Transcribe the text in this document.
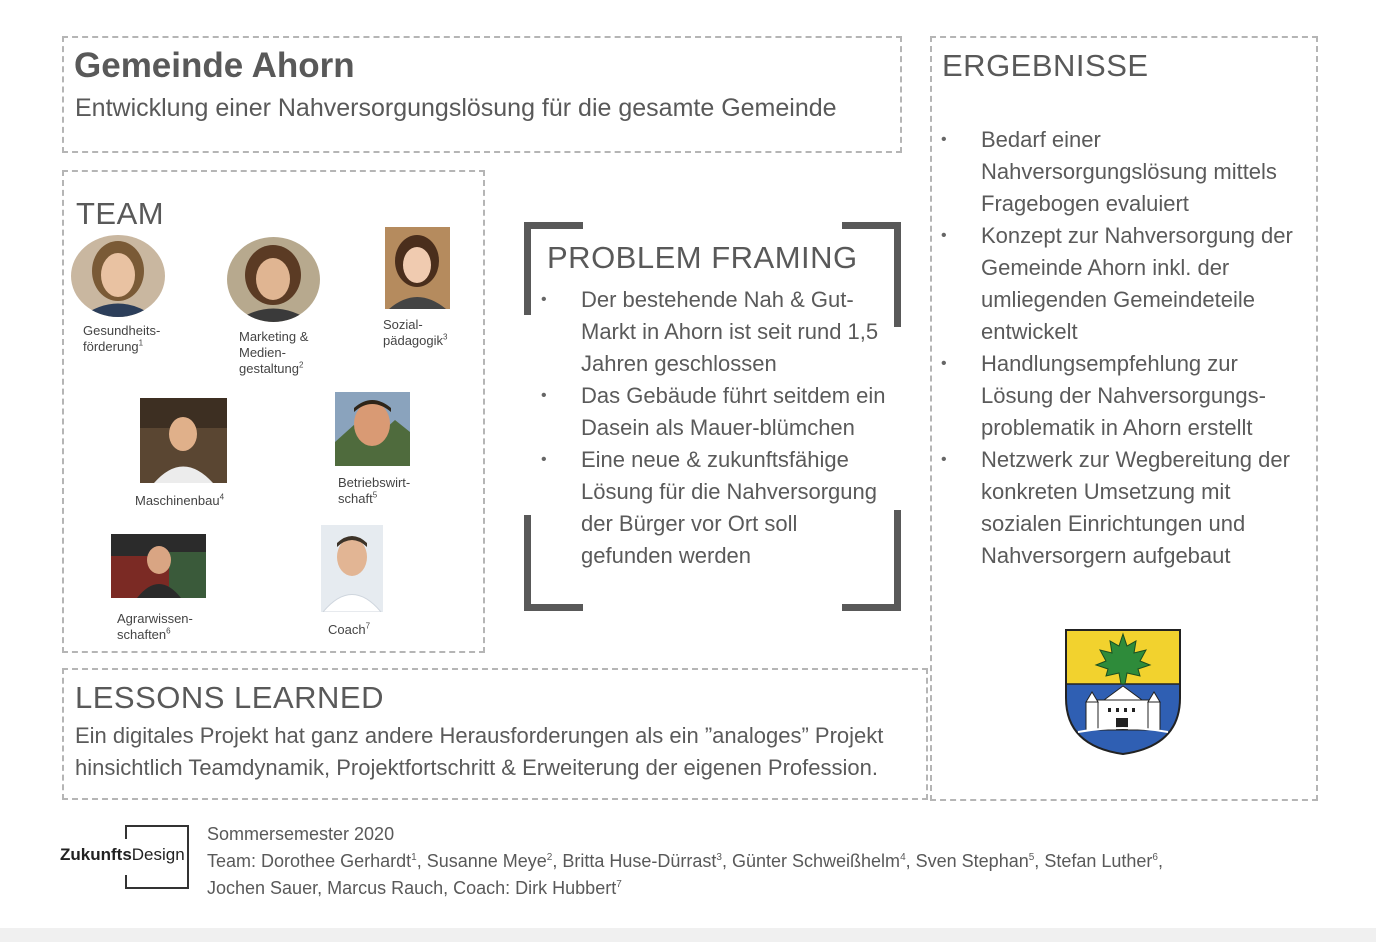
Gemeinde Ahorn
Entwicklung einer Nahversorgungslösung für die gesamte Gemeinde
TEAM
Gesundheits-
förderung$^1$	Marketing &
Medien-
gestaltung$^2$
Sozial-
pädagogik$^3$
Maschinenbau$^4$
Betriebswirt-
schaft$^5$
Agrarwissen-
schaften$^6$	Coach$^7$
PROBLEM FRAMING
• Der bestehende Nah & Gut-Markt in Ahorn ist seit rund 1,5 Jahren geschlossen
• Das Gebäude führt seitdem ein Dasein als Mauer-blümchen
• Eine neue & zukunftsfähige Lösung für die Nahversorgung der Bürger vor Ort soll gefunden werden
ERGEBNISSE
• Bedarf einer Nahversorgungslösung mittels Fragebogen evaluiert
• Konzept zur Nahversorgung der Gemeinde Ahorn inkl. der umliegenden Gemeindeteile entwickelt
• Handlungsempfehlung zur Lösung der Nahversorgungs-problematik in Ahorn erstellt
• Netzwerk zur Wegbereitung der konkreten Umsetzung mit sozialen Einrichtungen und Nahversorgern aufgebaut
LESSONS LEARNED
Ein digitales Projekt hat ganz andere Herausforderungen als ein ”analoges” Projekt hinsichtlich Teamdynamik, Projektfortschritt & Erweiterung der eigenen Profession.
ZukunftsDesign
Sommersemester 2020
Team: Dorothee Gerhardt$^1$, Susanne Meye$^2$, Britta Huse-Dürrast$^3$, Günter Schweißhelm$^4$, Sven Stephan$^5$, Stefan Luther$^6$,
Jochen Sauer, Marcus Rauch, Coach: Dirk Hubbert$^7$
